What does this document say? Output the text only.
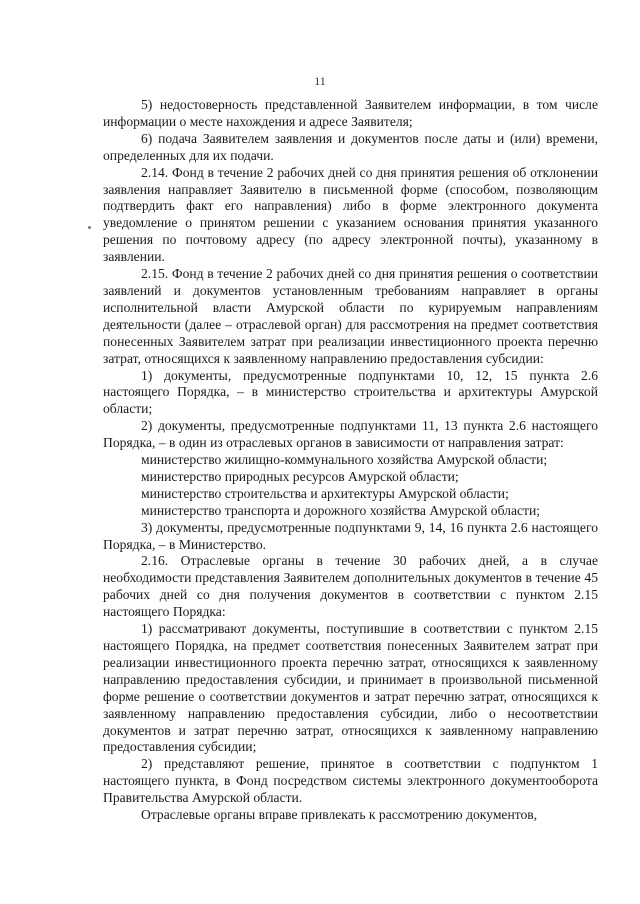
11

5) недостоверность представленной Заявителем информации, в том числе информации о месте нахождения и адресе Заявителя;

6) подача Заявителем заявления и документов после даты и (или) времени, определенных для их подачи.

2.14. Фонд в течение 2 рабочих дней со дня принятия решения об отклонении заявления направляет Заявителю в письменной форме (способом, позволяющим подтвердить факт его направления) либо в форме электронного документа уведомление о принятом решении с указанием основания принятия указанного решения по почтовому адресу (по адресу электронной почты), указанному в заявлении.

2.15. Фонд в течение 2 рабочих дней со дня принятия решения о соответствии заявлений и документов установленным требованиям направляет в органы исполнительной власти Амурской области по курируемым направлениям деятельности (далее – отраслевой орган) для рассмотрения на предмет соответствия понесенных Заявителем затрат при реализации инвестиционного проекта перечню затрат, относящихся к заявленному направлению предоставления субсидии:

1) документы, предусмотренные подпунктами 10, 12, 15 пункта 2.6 настоящего Порядка, – в министерство строительства и архитектуры Амурской области;

2) документы, предусмотренные подпунктами 11, 13 пункта 2.6 настоящего Порядка, – в один из отраслевых органов в зависимости от направления затрат:

министерство жилищно-коммунального хозяйства Амурской области;

министерство природных ресурсов Амурской области;

министерство строительства и архитектуры Амурской области;

министерство транспорта и дорожного хозяйства Амурской области;

3) документы, предусмотренные подпунктами 9, 14, 16 пункта 2.6 настоящего Порядка, – в Министерство.

2.16. Отраслевые органы в течение 30 рабочих дней, а в случае необходимости представления Заявителем дополнительных документов в течение 45 рабочих дней со дня получения документов в соответствии с пунктом 2.15 настоящего Порядка:

1) рассматривают документы, поступившие в соответствии с пунктом 2.15 настоящего Порядка, на предмет соответствия понесенных Заявителем затрат при реализации инвестиционного проекта перечню затрат, относящихся к заявленному направлению предоставления субсидии, и принимает в произвольной письменной форме решение о соответствии документов и затрат перечню затрат, относящихся к заявленному направлению предоставления субсидии, либо о несоответствии документов и затрат перечню затрат, относящихся к заявленному направлению предоставления субсидии;

2) представляют решение, принятое в соответствии с подпунктом 1 настоящего пункта, в Фонд посредством системы электронного документооборота Правительства Амурской области.

Отраслевые органы вправе привлекать к рассмотрению документов,
